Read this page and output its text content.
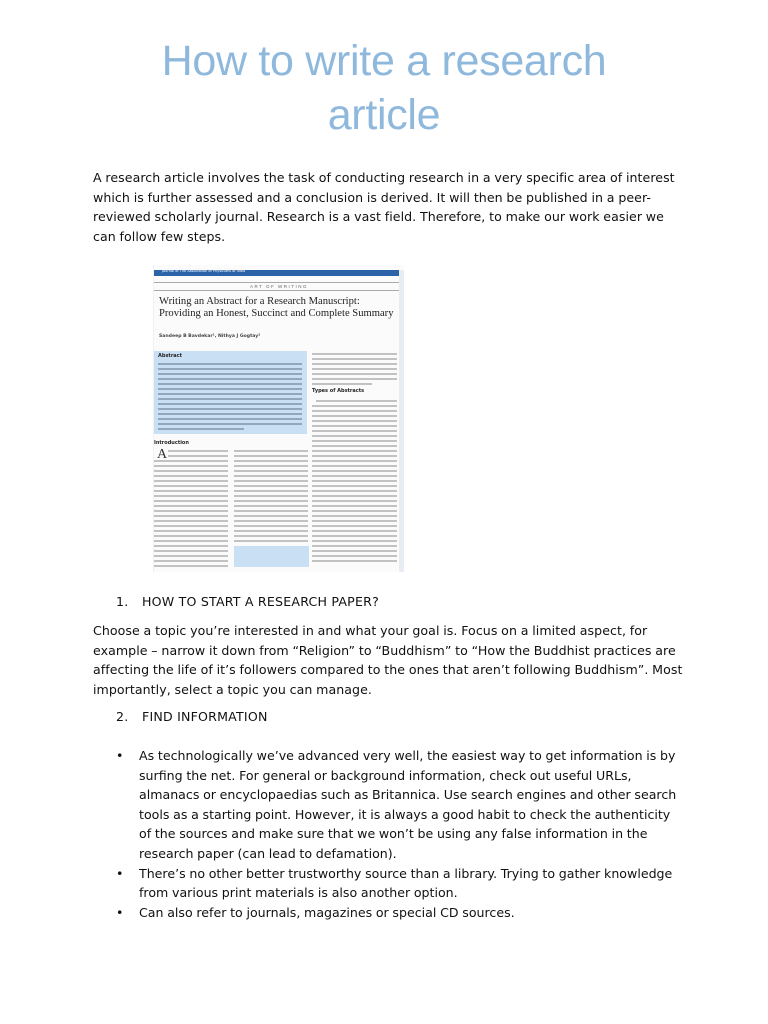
How to write a research
article
A research article involves the task of conducting research in a very specific area of interest which is further assessed and a conclusion is derived. It will then be published in a peer-reviewed scholarly journal. Research is a vast field. Therefore, to make our work easier we can follow few steps.
Journal of The Association of Physicians of India
ART OF WRITING
Writing an Abstract for a Research Manuscript: Providing an Honest, Succinct and Complete Summary
Sandeep B Bavdekar¹, Nithya J Gogtay²
Abstract
Types of Abstracts
Introduction
A
1. HOW TO START A RESEARCH PAPER?
Choose a topic you’re interested in and what your goal is. Focus on a limited aspect, for example – narrow it down from “Religion” to “Buddhism” to “How the Buddhist practices are affecting the life of it’s followers compared to the ones that aren’t following Buddhism”. Most importantly, select a topic you can manage.
2. FIND INFORMATION
• As technologically we’ve advanced very well, the easiest way to get information is by surfing the net. For general or background information, check out useful URLs, almanacs or encyclopaedias such as Britannica. Use search engines and other search tools as a starting point. However, it is always a good habit to check the authenticity of the sources and make sure that we won’t be using any false information in the research paper (can lead to defamation).
• There’s no other better trustworthy source than a library. Trying to gather knowledge from various print materials is also another option.
• Can also refer to journals, magazines or special CD sources.
